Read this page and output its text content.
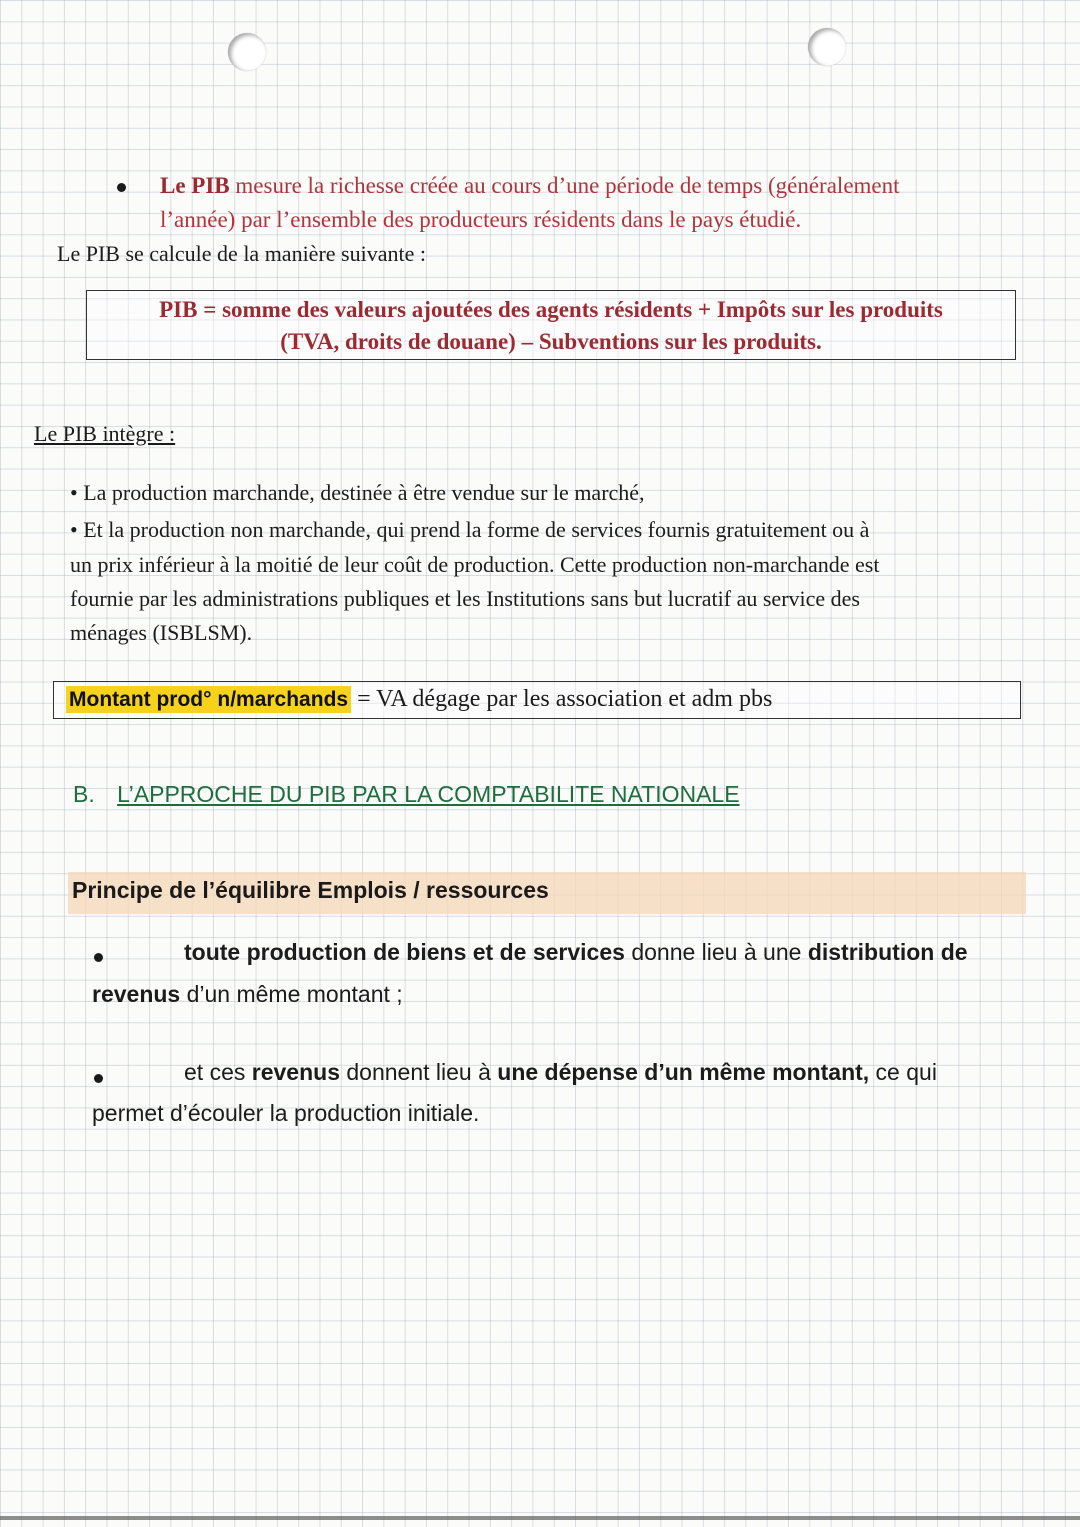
Le PIB mesure la richesse créée au cours d’une période de temps (généralement
l’année) par l’ensemble des producteurs résidents dans le pays étudié.
Le PIB se calcule de la manière suivante :
PIB = somme des valeurs ajoutées des agents résidents + Impôts sur les produits
(TVA, droits de douane) – Subventions sur les produits.
Le PIB intègre :
• La production marchande, destinée à être vendue sur le marché,
• Et la production non marchande, qui prend la forme de services fournis gratuitement ou à
un prix inférieur à la moitié de leur coût de production. Cette production non-marchande est
fournie par les administrations publiques et les Institutions sans but lucratif au service des
ménages (ISBLSM).
Montant prod° n/marchands = VA dégage par les association et adm pbs
B. L’APPROCHE DU PIB PAR LA COMPTABILITE NATIONALE
Principe de l’équilibre Emplois / ressources
toute production de biens et de services donne lieu à une distribution de
revenus d’un même montant ;
et ces revenus donnent lieu à une dépense d’un même montant, ce qui
permet d’écouler la production initiale.
